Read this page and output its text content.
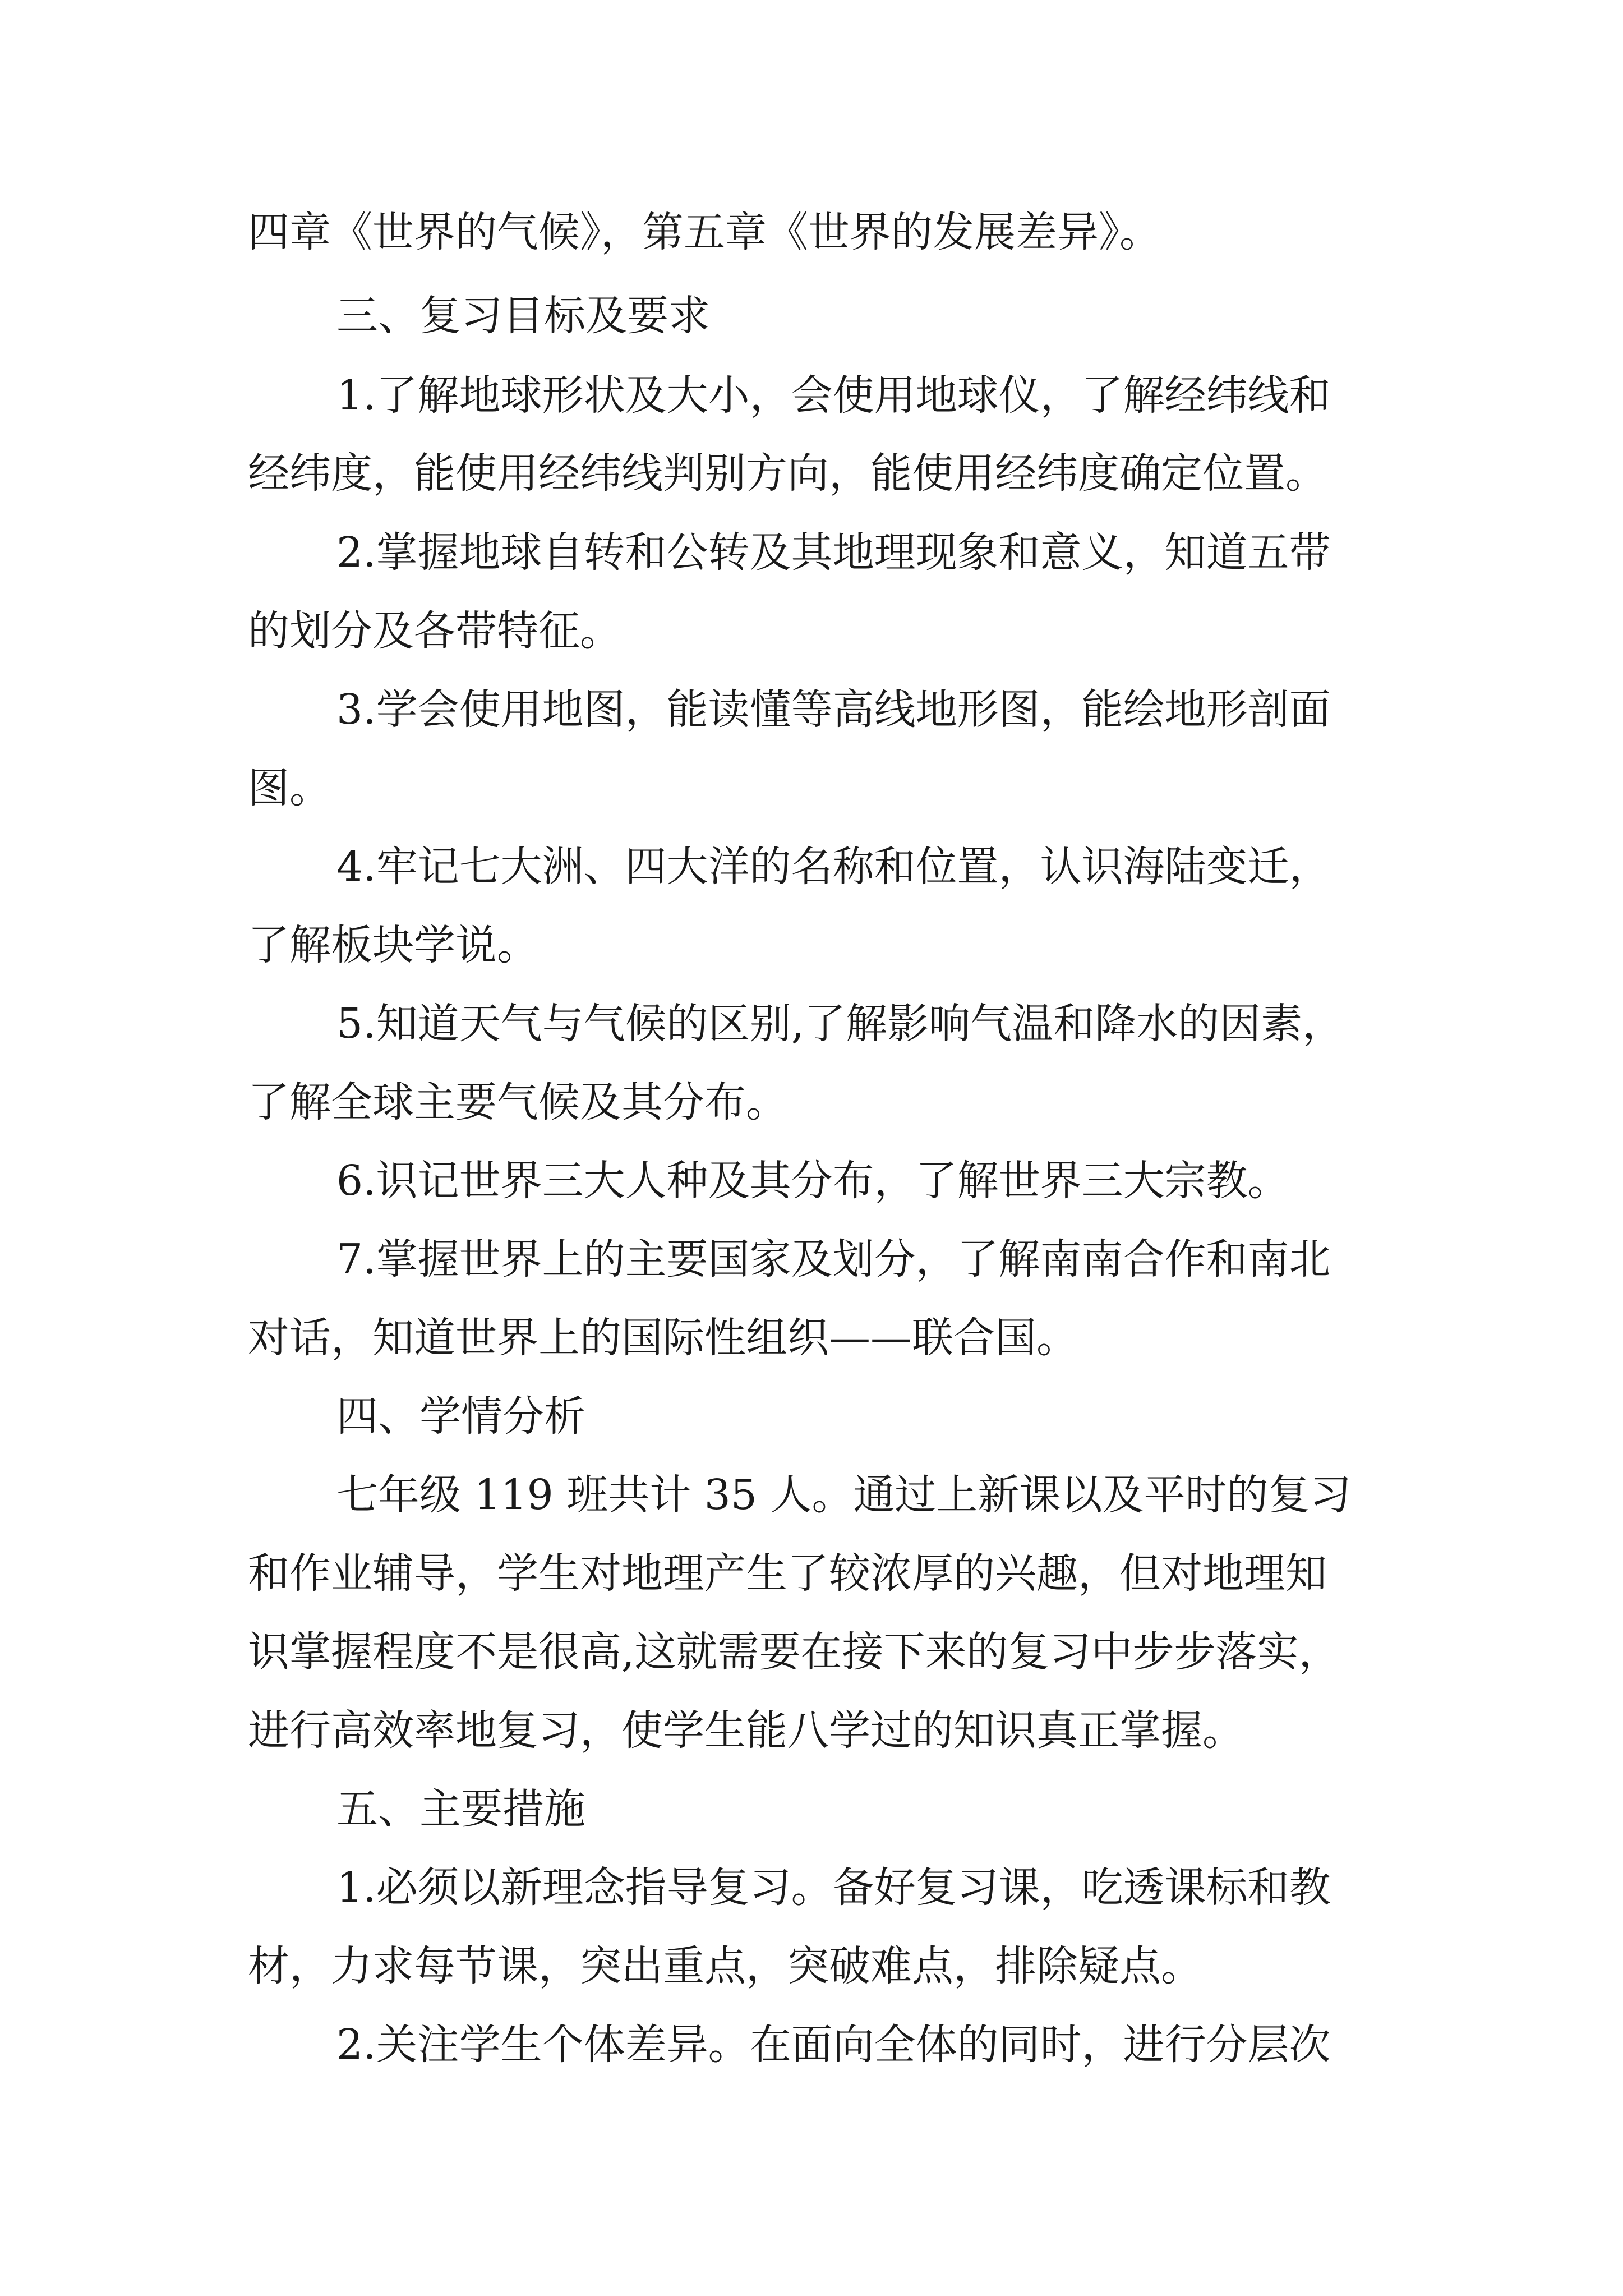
四章《世界的气候》，第五章《世界的发展差异》。
三、复习目标及要求
1.了解地球形状及大小，会使用地球仪，了解经纬线和
经纬度，能使用经纬线判别方向，能使用经纬度确定位置。
2.掌握地球自转和公转及其地理现象和意义，知道五带
的划分及各带特征。
3.学会使用地图，能读懂等高线地形图，能绘地形剖面
图。
4.牢记七大洲、四大洋的名称和位置，认识海陆变迁，
了解板块学说。
5.知道天气与气候的区别,了解影响气温和降水的因素，
了解全球主要气候及其分布。
6.识记世界三大人种及其分布，了解世界三大宗教。
7.掌握世界上的主要国家及划分，了解南南合作和南北
对话，知道世界上的国际性组织——联合国。
四、学情分析
七年级 119 班共计 35 人。通过上新课以及平时的复习
和作业辅导，学生对地理产生了较浓厚的兴趣，但对地理知
识掌握程度不是很高,这就需要在接下来的复习中步步落实，
进行高效率地复习，使学生能八学过的知识真正掌握。
五、主要措施
1.必须以新理念指导复习。备好复习课，吃透课标和教
材，力求每节课，突出重点，突破难点，排除疑点。
2.关注学生个体差异。在面向全体的同时，进行分层次
